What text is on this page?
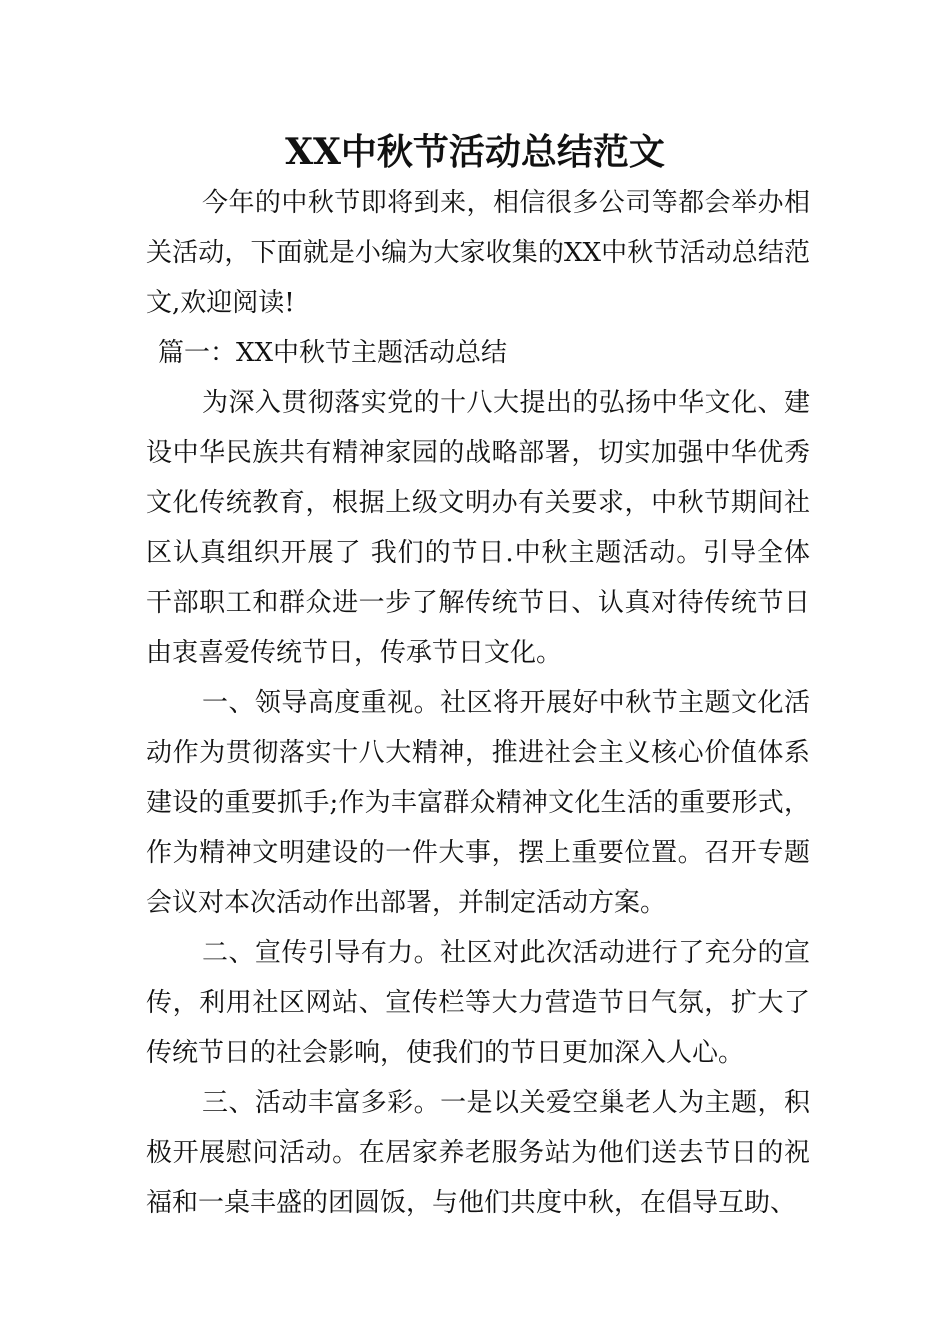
XX中秋节活动总结范文

今年的中秋节即将到来，相信很多公司等都会举办相关活动，下面就是小编为大家收集的XX中秋节活动总结范文,欢迎阅读!

篇一：XX中秋节主题活动总结

为深入贯彻落实党的十八大提出的弘扬中华文化、建设中华民族共有精神家园的战略部署，切实加强中华优秀文化传统教育，根据上级文明办有关要求，中秋节期间社区认真组织开展了 我们的节日.中秋主题活动。引导全体干部职工和群众进一步了解传统节日、认真对待传统节日由衷喜爱传统节日，传承节日文化。

一、领导高度重视。社区将开展好中秋节主题文化活动作为贯彻落实十八大精神，推进社会主义核心价值体系建设的重要抓手;作为丰富群众精神文化生活的重要形式，作为精神文明建设的一件大事，摆上重要位置。召开专题会议对本次活动作出部署，并制定活动方案。

二、宣传引导有力。社区对此次活动进行了充分的宣传，利用社区网站、宣传栏等大力营造节日气氛，扩大了传统节日的社会影响，使我们的节日更加深入人心。

三、活动丰富多彩。一是以关爱空巢老人为主题，积极开展慰问活动。在居家养老服务站为他们送去节日的祝福和一桌丰盛的团圆饭，与他们共度中秋，在倡导互助、
